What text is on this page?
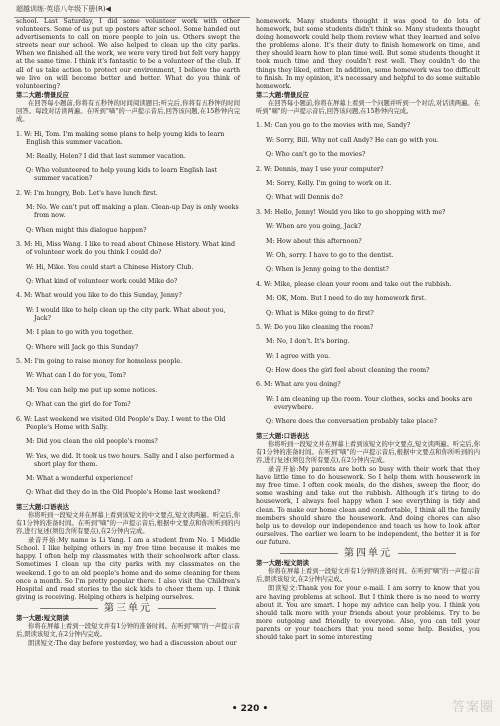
超越训练·英语八年级下册(R)◀

school. Last Saturday, I did some volunteer work with other volunteers. Some of us put up posters after school. Some handed out advertisements to call on more people to join us. Others swept the streets near our school. We also helped to clean up the city parks. When we finished all the work, we were very tired but felt very happy at the same time. I think it's fantastic to be a volunteer of the club. If all of us take action to protect our environment, I believe the earth we live on will become better and better. What do you think of volunteering?

第二大题:情景反应

在回答每小题前,你将有五秒钟的时间阅读题目;听完后,你将有五秒钟的时间回答。每段对话读两遍。在听到"嘀"的一声提示音后,回答该问题,在15秒钟内完成。

1. W: Hi, Tom. I'm making some plans to help young kids to learn English this summer vacation.

M: Really, Helen? I did that last summer vacation.

Q: Who volunteered to help young kids to learn English last summer vacation?

2. W: I'm hungry, Bob. Let's have lunch first.

M: No. We can't put off making a plan. Clean-up Day is only weeks from now.

Q: When might this dialogue happen?

3. M: Hi, Miss Wang. I like to read about Chinese History. What kind of volunteer work do you think I could do?

W: Hi, Mike. You could start a Chinese History Club.

Q: What kind of volunteer work could Mike do?

4. M: What would you like to do this Sunday, Jenny?

W: I would like to help clean up the city park. What about you, Jack?

M: I plan to go with you together.

Q: Where will Jack go this Sunday?

5. M: I'm going to raise money for homeless people.

W: What can I do for you, Tom?

M: You can help me put up some notices.

Q: What can the girl do for Tom?

6. W: Last weekend we visited Old People's Day. I went to the Old People's Home with Sally.

M: Did you clean the old people's rooms?

W: Yes, we did. It took us two hours. Sally and I also performed a short play for them.

M: What a wonderful experience!

Q: What did they do in the Old People's Home last weekend?

第三大题:口语表达

你将听到一段短文并在屏幕上看到该短文的中文要点,短文读两遍。听完后,你有1分钟的准备时间。在听到"嘀"的一声提示音后,根据中文要点和你所听到的内容,进行复述(须包含所有要点),在2分钟内完成。

录音开始:My name is Li Yang. I am a student from No. 1 Middle School. I like helping others in my free time because it makes me happy. I often help my classmates with their schoolwork after class. Sometimes I clean up the city parks with my classmates on the weekend. I go to an old people's home and do some cleaning for them once a month. So I'm pretty popular there. I also visit the Children's Hospital and read stories to the sick kids to cheer them up. I think giving is receiving. Helping others is helping ourselves.

第三单元

第一大题:短文朗读

你将在屏幕上看到一段短文并有1分钟的准备时间。在听到"嘀"的一声提示音后,朗读该短文,在2分钟内完成。

朗读短文:The day before yesterday, we had a discussion about our

homework. Many students thought it was good to do lots of homework, but some students didn't think so. Many students thought doing homework could help them review what they learned and solve the problems alone. It's their duty to finish homework on time, and they should learn how to plan time well. But some students thought it took much time and they couldn't rest well. They couldn't do the things they liked, either. In addition, some homework was too difficult to finish. In my opinion, it's necessary and helpful to do some suitable homework.

第二大题:情景反应

在回答每小题前,你将在屏幕上看到一个问题并听到一个对话,对话读两遍。在听到"嘀"的一声提示音后,回答该问题,在15秒钟内完成。

1. M: Can you go to the movies with me, Sandy?

W: Sorry, Bill. Why not call Andy? He can go with you.

Q: Who can't go to the movies?

2. W: Dennis, may I use your computer?

M: Sorry, Kelly. I'm going to work on it.

Q: What will Dennis do?

3. M: Hello, Jenny! Would you like to go shopping with me?

W: When are you going, Jack?

M: How about this afternoon?

W: Oh, sorry. I have to go to the dentist.

Q: When is Jenny going to the dentist?

4. W: Mike, please clean your room and take out the rubbish.

M: OK, Mom. But I need to do my homework first.

Q: What is Mike going to do first?

5. W: Do you like cleaning the room?

M: No, I don't. It's boring.

W: I agree with you.

Q: How does the girl feel about cleaning the room?

6. M: What are you doing?

W: I am cleaning up the room. Your clothes, socks and books are everywhere.

Q: Where does the conversation probably take place?

第三大题:口语表达

你将听到一段短文并在屏幕上看到该短文的中文要点,短文读两遍。听完后,你有1分钟的准备时间。在听到"嘀"的一声提示音后,根据中文要点和你所听到的内容,进行复述(须包含所有要点),在2分钟内完成。

录音开始:My parents are both so busy with their work that they have little time to do housework. So I help them with housework in my free time. I often cook meals, do the dishes, sweep the floor, do some washing and take out the rubbish. Although it's tiring to do housework, I always feel happy when I see everything is tidy and clean. To make our home clean and comfortable, I think all the family members should share the housework. And doing chores can also help us to develop our independence and teach us how to look after ourselves. The earlier we learn to be independent, the better it is for our future.

第四单元

第一大题:短文朗读

你将在屏幕上看到一段短文并有1分钟的准备时间。在听到"嘀"的一声提示音后,朗读该短文,在2分钟内完成。

朗读短文:Thank you for your e-mail. I am sorry to know that you are having problems at school. But I think there is no need to worry about it. You are smart. I hope my advice can help you. I think you should talk more with your friends about your problems. Try to be more outgoing and friendly to everyone. Also, you can tell your parents or your teachers that you need some help. Besides, you should take part in some interesting

• 220 •	答案圈
